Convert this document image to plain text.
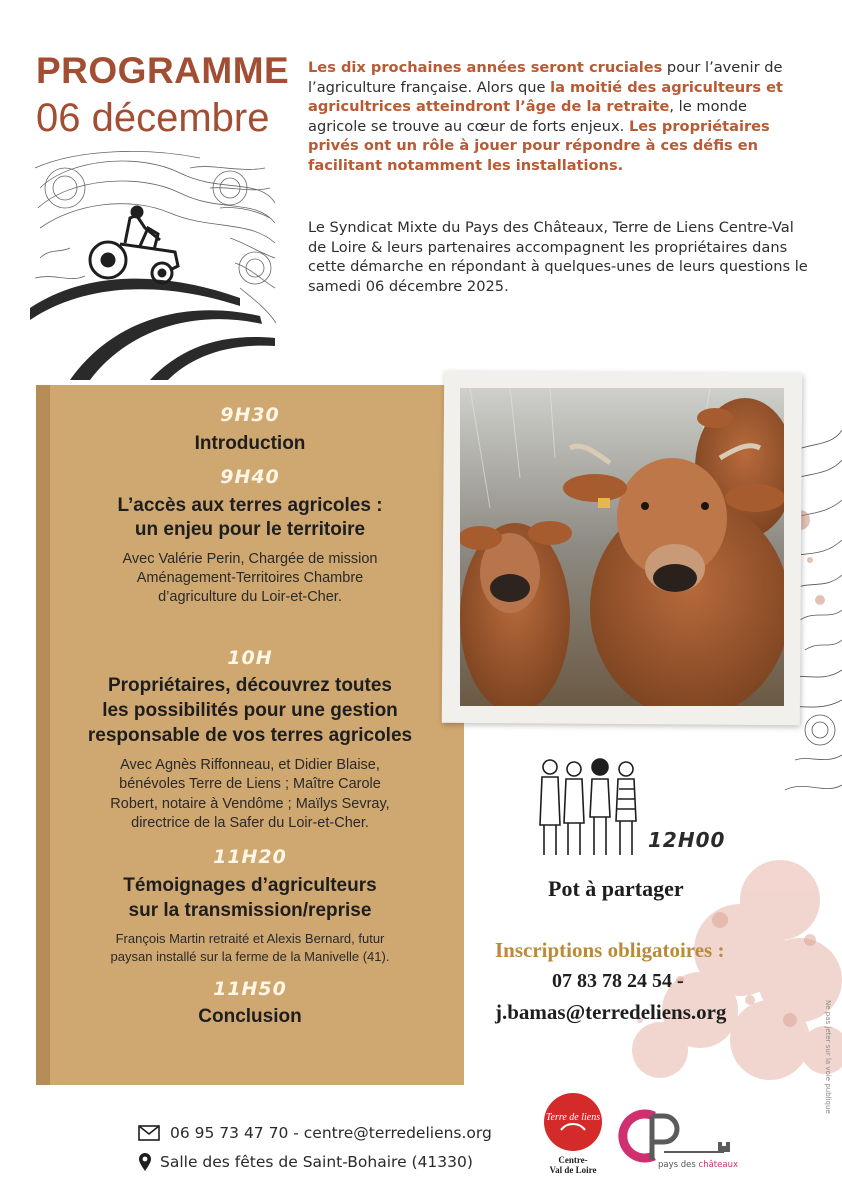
PROGRAMME
06 décembre
Les dix prochaines années seront cruciales pour l’avenir de l’agriculture française. Alors que la moitié des agriculteurs et agricultrices atteindront l’âge de la retraite, le monde agricole se trouve au cœur de forts enjeux. Les propriétaires privés ont un rôle à jouer pour répondre à ces défis en facilitant notamment les installations.
Le Syndicat Mixte du Pays des Châteaux, Terre de Liens Centre-Val de Loire & leurs partenaires accompagnent les propriétaires dans cette démarche en répondant à quelques-unes de leurs questions le samedi 06 décembre 2025.
9H30
Introduction
9H40
L’accès aux terres agricoles :
un enjeu pour le territoire
Avec Valérie Perin, Chargée de mission
Aménagement-Territoires Chambre
d’agriculture du Loir-et-Cher.
10H
Propriétaires, découvrez toutes
les possibilités pour une gestion
responsable de vos terres agricoles
Avec Agnès Riffonneau, et Didier Blaise,
bénévoles Terre de Liens ; Maître Carole
Robert, notaire à Vendôme ; Maïlys Sevray,
directrice de la Safer du Loir-et-Cher.
11H20
Témoignages d’agriculteurs
sur la transmission/reprise
François Martin retraité et Alexis Bernard, futur
paysan installé sur la ferme de la Manivelle (41).
11H50
Conclusion
12H00
Pot à partager
Inscriptions obligatoires :
07 83 78 24 54 -
j.bamas@terredeliens.org	Ne pas jeter sur la voie publique
06 95 73 47 70 - centre@terredeliens.org
Salle des fêtes de Saint-Bohaire (41330)
Terre de liens
Centre-
Val de Loire	pays des châteaux
